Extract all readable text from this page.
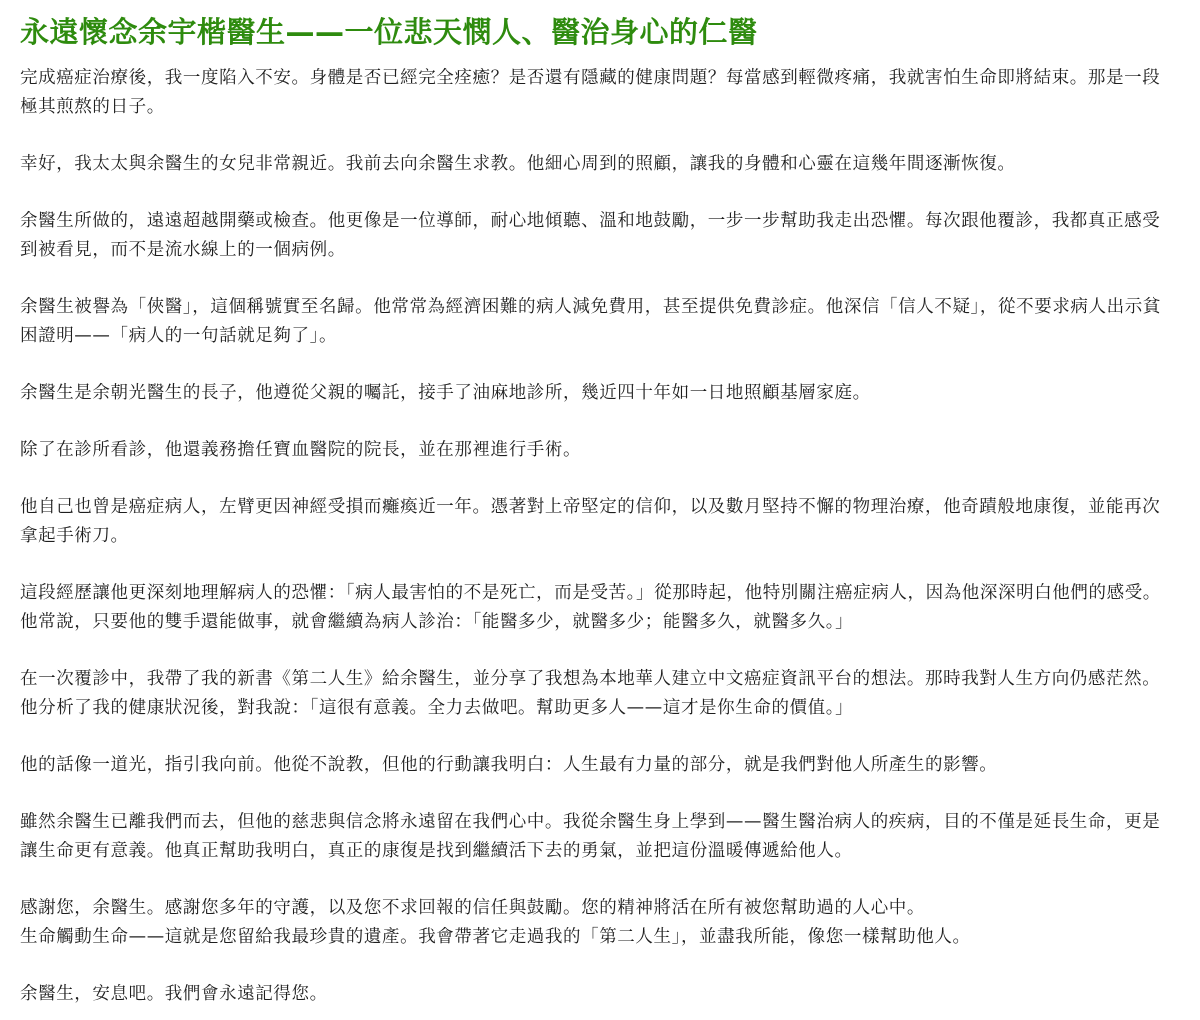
永遠懷念余宇楷醫生——一位悲天憫人、醫治身心的仁醫

完成癌症治療後，我一度陷入不安。身體是否已經完全痊癒？是否還有隱藏的健康問題？每當感到輕微疼痛，我就害怕生命即將結束。那是一段極其煎熬的日子。

幸好，我太太與余醫生的女兒非常親近。我前去向余醫生求教。他細心周到的照顧，讓我的身體和心靈在這幾年間逐漸恢復。

余醫生所做的，遠遠超越開藥或檢查。他更像是一位導師，耐心地傾聽、溫和地鼓勵，一步一步幫助我走出恐懼。每次跟他覆診，我都真正感受到被看見，而不是流水線上的一個病例。

余醫生被譽為「俠醫」，這個稱號實至名歸。他常常為經濟困難的病人減免費用，甚至提供免費診症。他深信「信人不疑」，從不要求病人出示貧困證明——「病人的一句話就足夠了」。

余醫生是余朝光醫生的長子，他遵從父親的囑託，接手了油麻地診所，幾近四十年如一日地照顧基層家庭。

除了在診所看診，他還義務擔任寶血醫院的院長，並在那裡進行手術。

他自己也曾是癌症病人，左臂更因神經受損而癱瘓近一年。憑著對上帝堅定的信仰，以及數月堅持不懈的物理治療，他奇蹟般地康復，並能再次拿起手術刀。

這段經歷讓他更深刻地理解病人的恐懼：「病人最害怕的不是死亡，而是受苦。」從那時起，他特別關注癌症病人，因為他深深明白他們的感受。他常說，只要他的雙手還能做事，就會繼續為病人診治：「能醫多少，就醫多少；能醫多久，就醫多久。」

在一次覆診中，我帶了我的新書《第二人生》給余醫生，並分享了我想為本地華人建立中文癌症資訊平台的想法。那時我對人生方向仍感茫然。他分析了我的健康狀況後，對我說：「這很有意義。全力去做吧。幫助更多人——這才是你生命的價值。」

他的話像一道光，指引我向前。他從不說教，但他的行動讓我明白：人生最有力量的部分，就是我們對他人所產生的影響。

雖然余醫生已離我們而去，但他的慈悲與信念將永遠留在我們心中。我從余醫生身上學到——醫生醫治病人的疾病，目的不僅是延長生命，更是讓生命更有意義。他真正幫助我明白，真正的康復是找到繼續活下去的勇氣，並把這份溫暖傳遞給他人。

感謝您，余醫生。感謝您多年的守護，以及您不求回報的信任與鼓勵。您的精神將活在所有被您幫助過的人心中。
生命觸動生命——這就是您留給我最珍貴的遺產。我會帶著它走過我的「第二人生」，並盡我所能，像您一樣幫助他人。

余醫生，安息吧。我們會永遠記得您。
